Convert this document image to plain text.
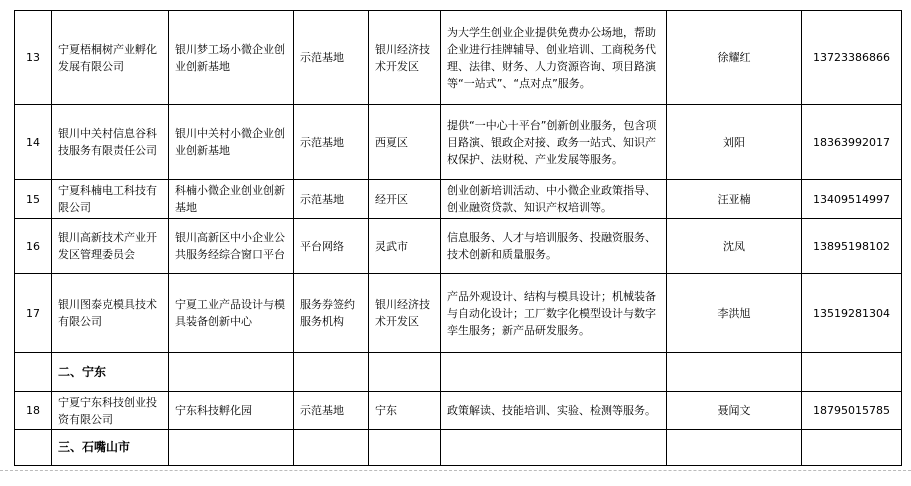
13	宁夏梧桐树产业孵化发展有限公司	银川梦工场小微企业创业创新基地	示范基地	银川经济技术开发区	为大学生创业企业提供免费办公场地，帮助企业进行挂牌辅导、创业培训、工商税务代理、法律、财务、人力资源咨询、项目路演等“一站式”、“点对点”服务。	徐耀红	13723386866
14	银川中关村信息谷科技服务有限责任公司	银川中关村小微企业创业创新基地	示范基地	西夏区	提供“一中心十平台”创新创业服务，包含项目路演、银政企对接、政务一站式、知识产权保护、法财税、产业发展等服务。	刘阳	18363992017
15	宁夏科楠电工科技有限公司	科楠小微企业创业创新基地	示范基地	经开区	创业创新培训活动、中小微企业政策指导、创业融资贷款、知识产权培训等。	汪亚楠	13409514997
16	银川高新技术产业开发区管理委员会	银川高新区中小企业公共服务经综合窗口平台	平台网络	灵武市	信息服务、人才与培训服务、投融资服务、技术创新和质量服务。	沈凤	13895198102
17	银川图泰克模具技术有限公司	宁夏工业产品设计与模具装备创新中心	服务券签约服务机构	银川经济技术开发区	产品外观设计、结构与模具设计；机械装备与自动化设计；工厂数字化模型设计与数字孪生服务；新产品研发服务。	李洪旭	13519281304
	二、宁东						
18	宁夏宁东科技创业投资有限公司	宁东科技孵化园	示范基地	宁东	政策解读、技能培训、实验、检测等服务。	聂闻文	18795015785
	三、石嘴山市						
